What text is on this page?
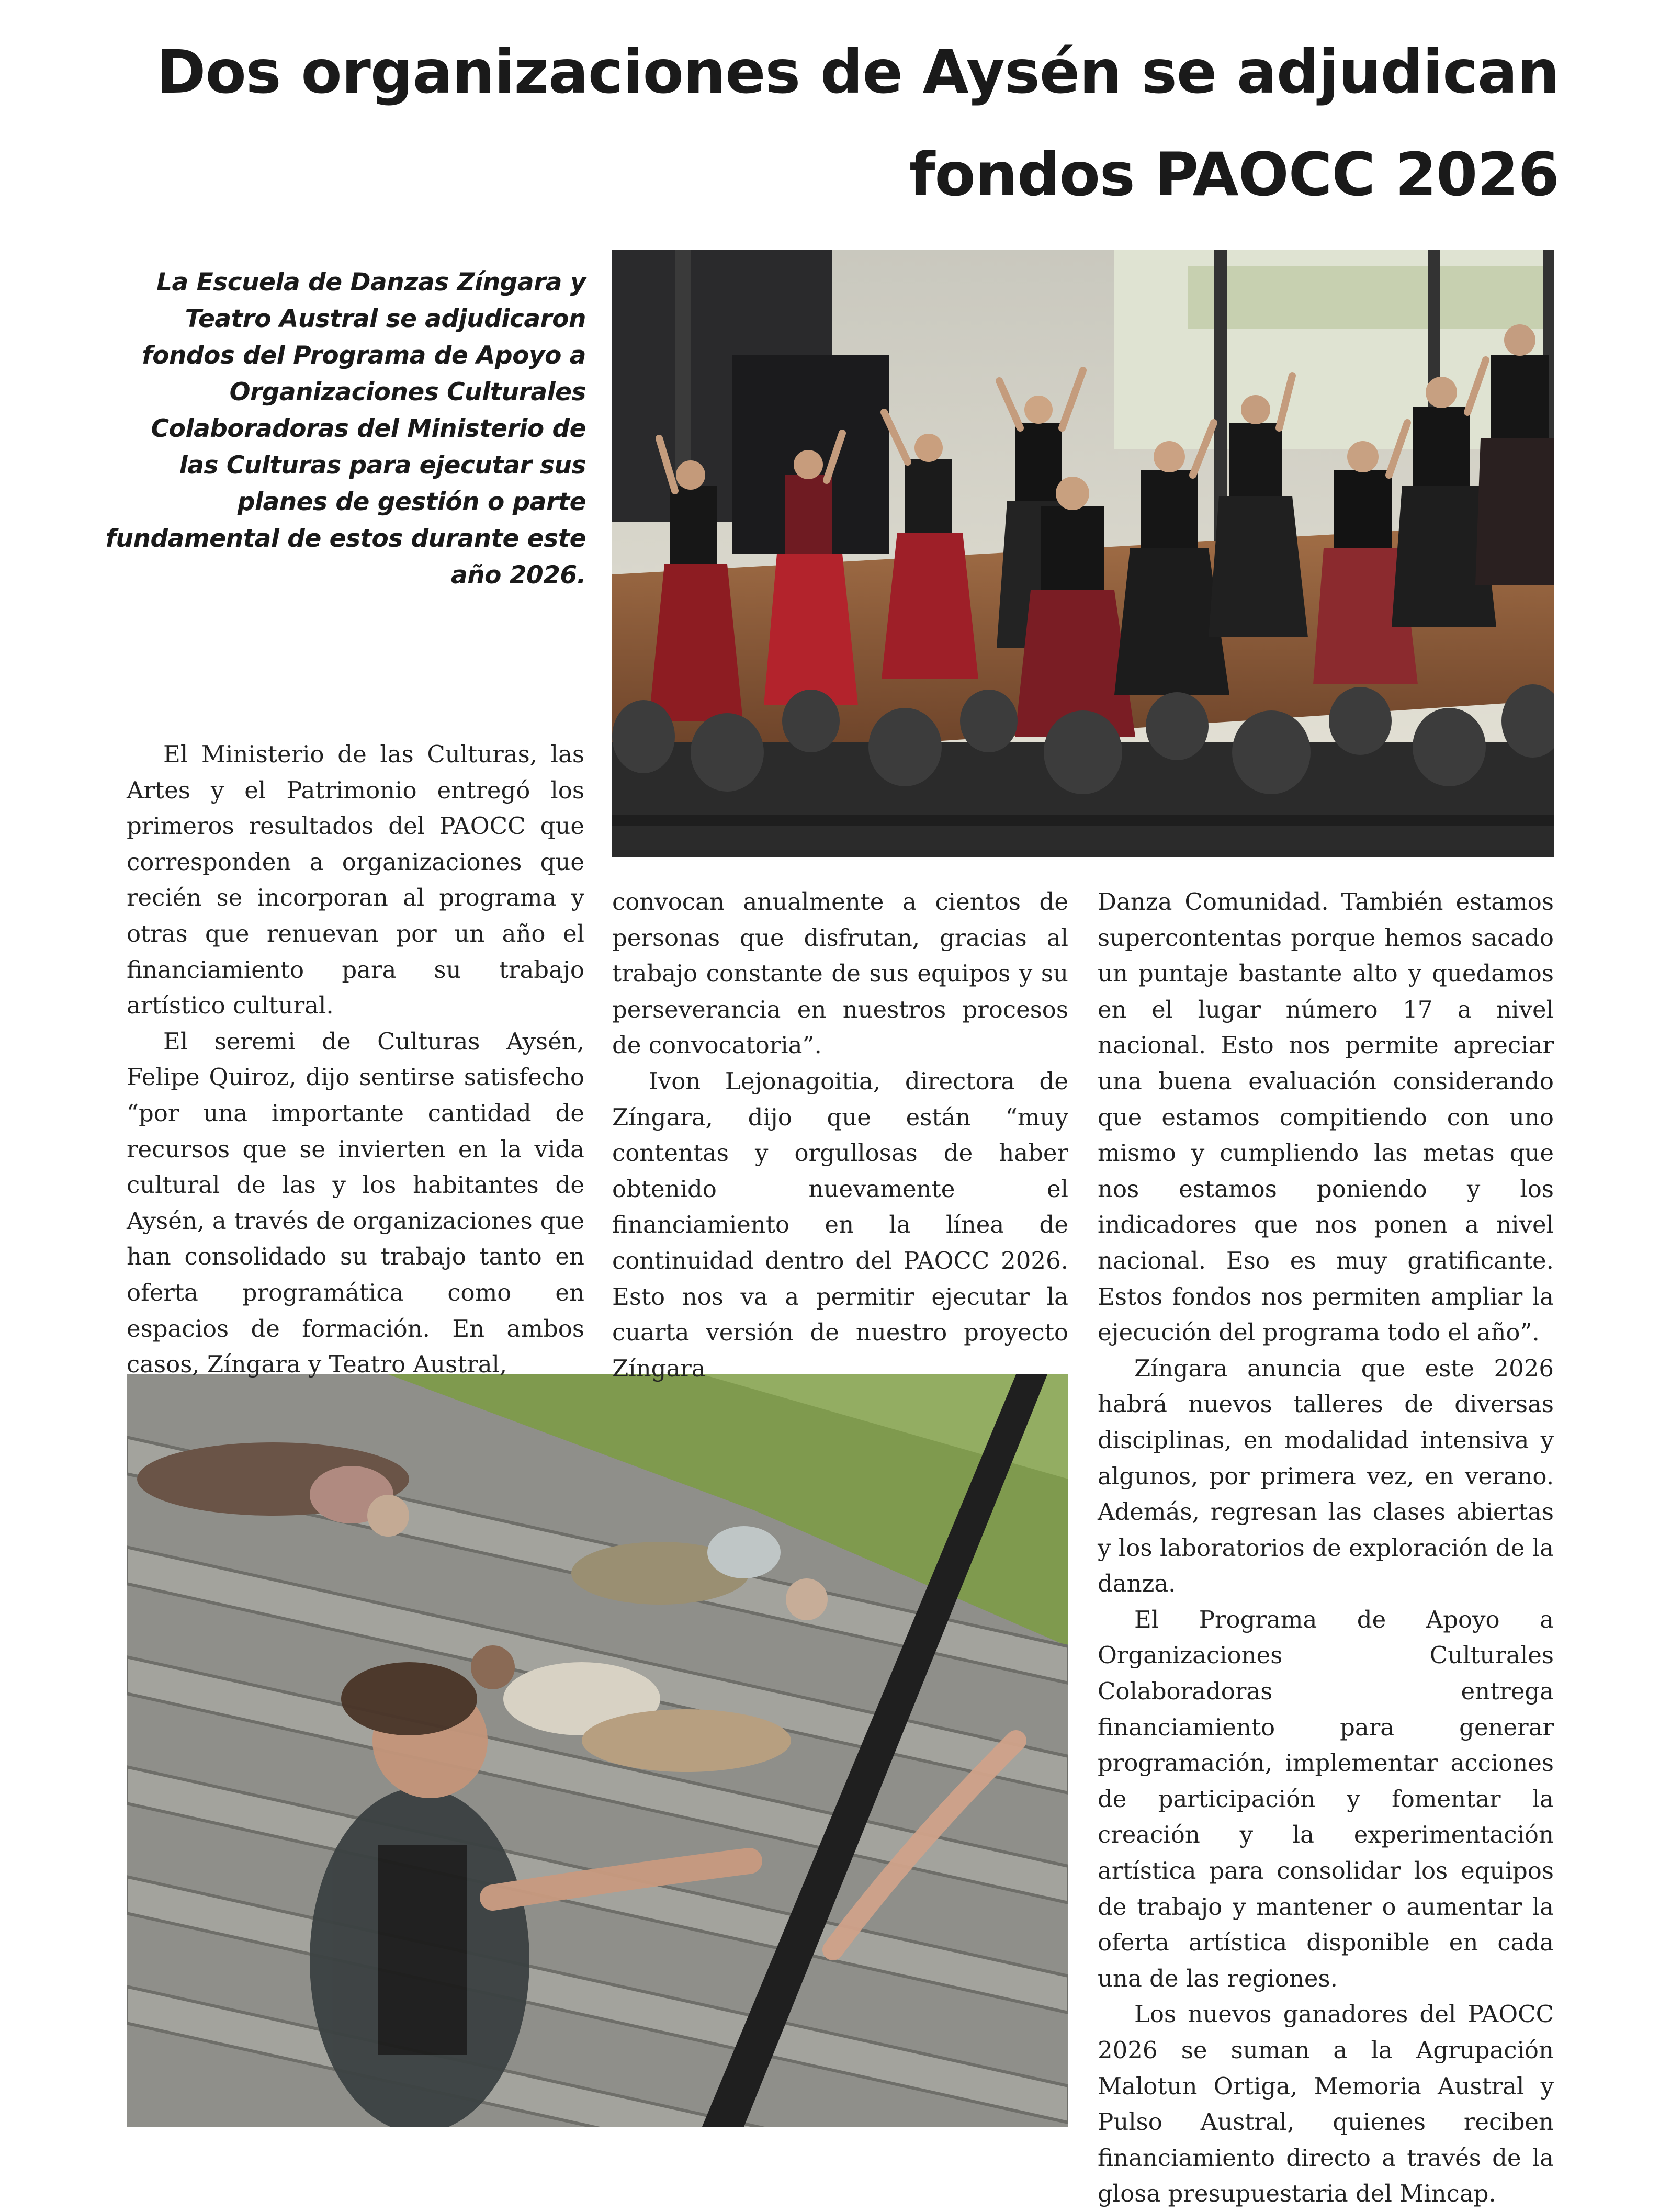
Dos organizaciones de Aysén se adjudican
fondos PAOCC 2026

La Escuela de Danzas Zíngara y Teatro Austral se adjudicaron fondos del Programa de Apoyo a Organizaciones Culturales Colaboradoras del Ministerio de las Culturas para ejecutar sus planes de gestión o parte fundamental de estos durante este año 2026.

El Ministerio de las Culturas, las Artes y el Patrimonio entregó los primeros resultados del PAOCC que corresponden a organizaciones que recién se incorporan al programa y otras que renuevan por un año el financiamiento para su trabajo artístico cultural.

El seremi de Culturas Aysén, Felipe Quiroz, dijo sentirse satisfecho “por una importante cantidad de recursos que se invierten en la vida cultural de las y los habitantes de Aysén, a través de organizaciones que han consolidado su trabajo tanto en oferta programática como en espacios de formación. En ambos casos, Zíngara y Teatro Austral,

convocan anualmente a cientos de personas que disfrutan, gracias al trabajo constante de sus equipos y su perseverancia en nuestros procesos de convocatoria”.

Ivon Lejonagoitia, directora de Zíngara, dijo que están “muy contentas y orgullosas de haber obtenido nuevamente el financiamiento en la línea de continuidad dentro del PAOCC 2026. Esto nos va a permitir ejecutar la cuarta versión de nuestro proyecto Zíngara

Danza Comunidad. También estamos supercontentas porque hemos sacado un puntaje bastante alto y quedamos en el lugar número 17 a nivel nacional. Esto nos permite apreciar una buena evaluación considerando que estamos compitiendo con uno mismo y cumpliendo las metas que nos estamos poniendo y los indicadores que nos ponen a nivel nacional. Eso es muy gratificante. Estos fondos nos permiten ampliar la ejecución del programa todo el año”.

Zíngara anuncia que este 2026 habrá nuevos talleres de diversas disciplinas, en modalidad intensiva y algunos, por primera vez, en verano. Además, regresan las clases abiertas y los laboratorios de exploración de la danza.

El Programa de Apoyo a Organizaciones Culturales Colaboradoras entrega financiamiento para generar programación, implementar acciones de participación y fomentar la creación y la experimentación artística para consolidar los equipos de trabajo y mantener o aumentar la oferta artística disponible en cada una de las regiones.

Los nuevos ganadores del PAOCC 2026 se suman a la Agrupación Malotun Ortiga, Memoria Austral y Pulso Austral, quienes reciben financiamiento directo a través de la glosa presupuestaria del Mincap.
